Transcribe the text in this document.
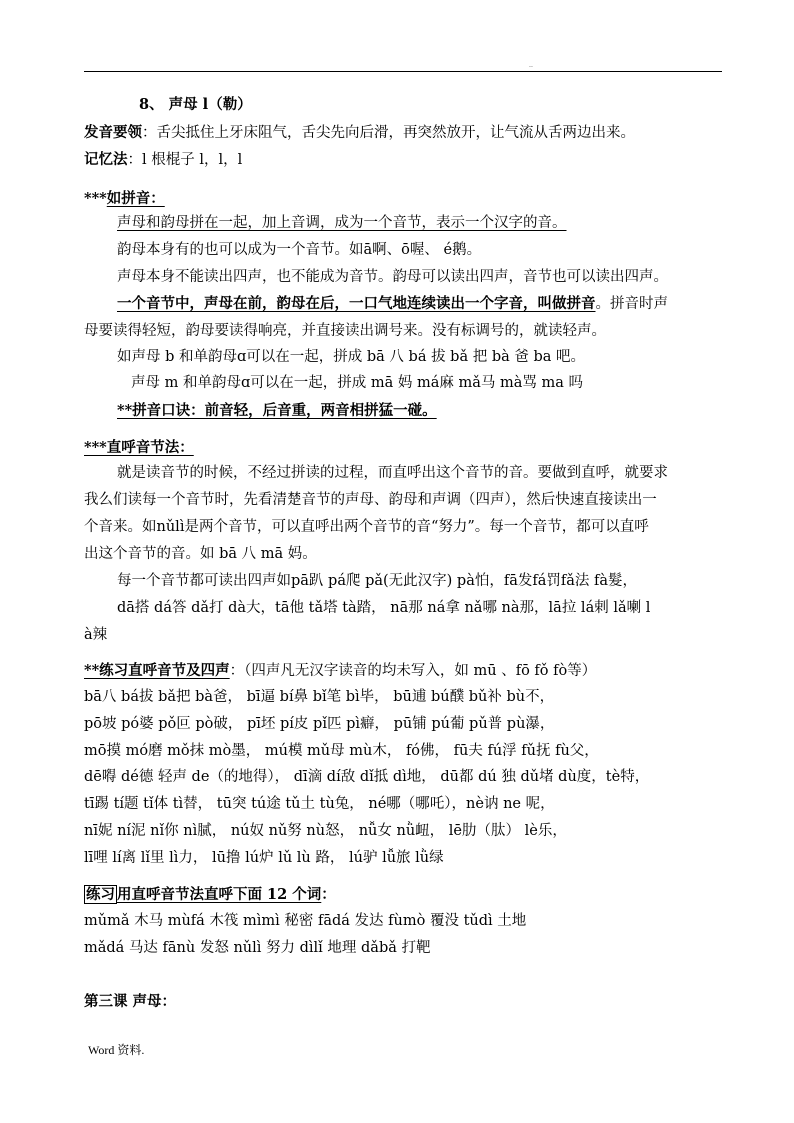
..
8、 声母 l（勒）
发音要领：舌尖抵住上牙床阻气，舌尖先向后滑，再突然放开，让气流从舌两边出来。
记忆法：l 根棍子 l，l，l
***如拼音：
声母和韵母拼在一起，加上音调，成为一个音节，表示一个汉字的音。
韵母本身有的也可以成为一个音节。如ā啊、ō喔、 é鹅。
声母本身不能读出四声，也不能成为音节。韵母可以读出四声，音节也可以读出四声。
一个音节中，声母在前，韵母在后，一口气地连续读出一个字音，叫做拼音。拼音时声
母要读得轻短，韵母要读得响亮，并直接读出调号来。没有标调号的，就读轻声。
如声母 b 和单韵母ɑ可以在一起，拼成 bā 八 bá 拔 bǎ 把 bà 爸 ba 吧。
声母 m 和单韵母ɑ可以在一起，拼成 mā 妈 má麻 mǎ马 mà骂 ma 吗
**拼音口诀：前音轻，后音重，两音相拼猛一碰。
***直呼音节法：
就是读音节的时候，不经过拼读的过程，而直呼出这个音节的音。要做到直呼，就要求
我么们读每一个音节时，先看清楚音节的声母、韵母和声调（四声），然后快速直接读出一
个音来。如nǔlì是两个音节，可以直呼出两个音节的音“努力”。每一个音节，都可以直呼
出这个音节的音。如 bā 八 mā 妈。
每一个音节都可读出四声如pā趴 pá爬 pǎ(无此汉字) pà怕，fā发fá罚fǎ法 fà髮，
dā搭 dá答 dǎ打 dà大，tā他 tǎ塔 tà踏， nā那 ná拿 nǎ哪 nà那，lā拉 lá剌 lǎ喇 l
à辣
**练习直呼音节及四声：（四声凡无汉字读音的均未写入，如 mū 、fō fǒ fò等）
bā八 bá拔 bǎ把 bà爸， bī逼 bí鼻 bǐ笔 bì毕， bū逋 bú醭 bǔ补 bù不，
pō坡 pó婆 pǒ叵 pò破， pī坯 pí皮 pǐ匹 pì癖， pū铺 pú葡 pǔ普 pù瀑，
mō摸 mó磨 mǒ抹 mò墨， mú模 mǔ母 mù木， fó佛， fū夫 fú浮 fǔ抚 fù父，
dē嘚 dé德 轻声 de（的地得）， dī滴 dí敌 dǐ抵 dì地， dū都 dú 独 dǔ堵 dù度，tè特，
tī踢 tí题 tǐ体 tì替， tū突 tú途 tǔ土 tù兔， né哪（哪吒），nè讷 ne 呢，
nī妮 ní泥 nǐ你 nì腻， nú奴 nǔ努 nù怒， nǚ女 nǜ衄， lē肋（肽） lè乐，
lī哩 lí离 lǐ里 lì力， lū撸 lú炉 lǔ lù 路， lú驴 lǚ旅 lǜ绿
练习 用直呼音节法直呼下面 12 个词：
mǔmǎ 木马 mùfá 木筏 mìmì 秘密 fādá 发达 fùmò 覆没 tǔdì 土地
mǎdá 马达 fānù 发怒 nǔlì 努力 dìlǐ 地理 dǎbǎ 打靶
第三课 声母：
Word 资料.
